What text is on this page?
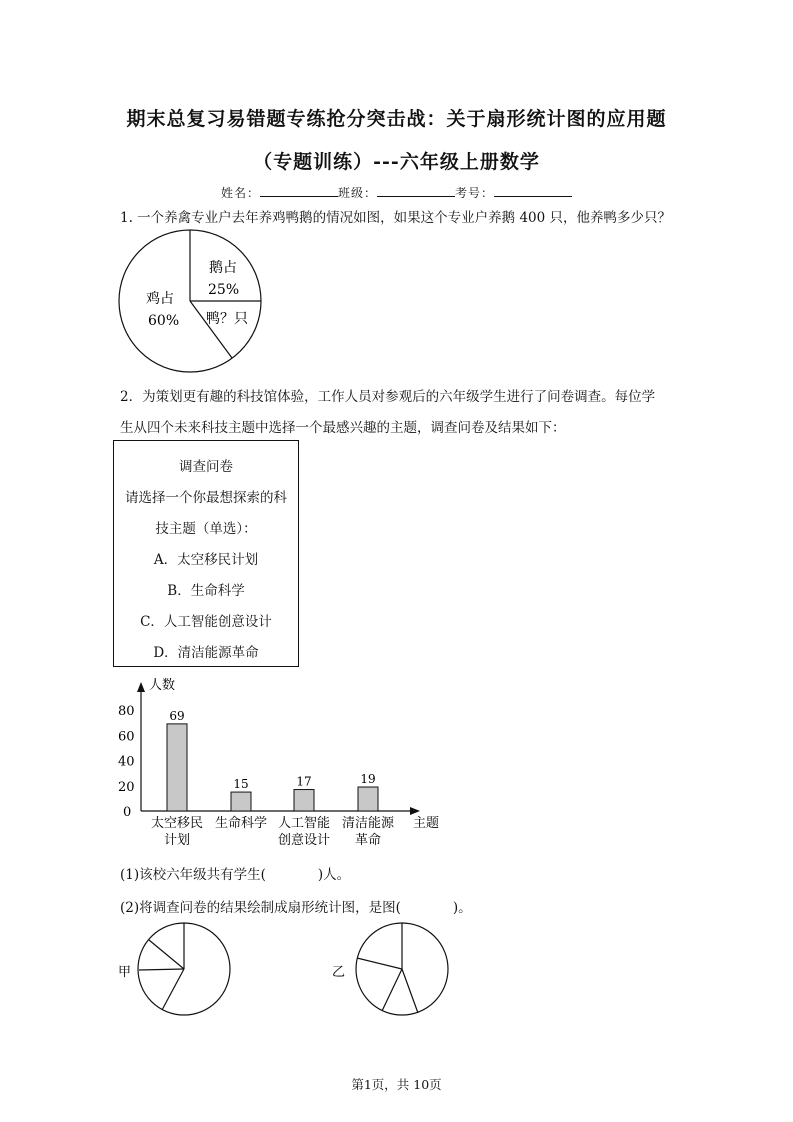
期末总复习易错题专练抢分突击战：关于扇形统计图的应用题
（专题训练）---六年级上册数学
姓名：	班级：	考号：
1. 一个养禽专业户去年养鸡鸭鹅的情况如图，如果这个专业户养鹅 400 只，他养鸭多少只？
鹅占
25%
鸡占
60% 鸭？只
2．为策划更有趣的科技馆体验，工作人员对参观后的六年级学生进行了问卷调查。每位学
生从四个未来科技主题中选择一个最感兴趣的主题，调查问卷及结果如下：
调查问卷
请选择一个你最想探索的科
技主题（单选）：
A．太空移民计划
B．生命科学
C．人工智能创意设计
D．清洁能源革命
人数
主题
0
20
40
60
80	69
太空移民
计划
15
生命科学
17
人工智能
创意设计
19
清洁能源
革命
(1)该校六年级共有学生(	)人。
(2)将调查问卷的结果绘制成扇形统计图，是图(	)。
甲	乙
第1页，共 10页
